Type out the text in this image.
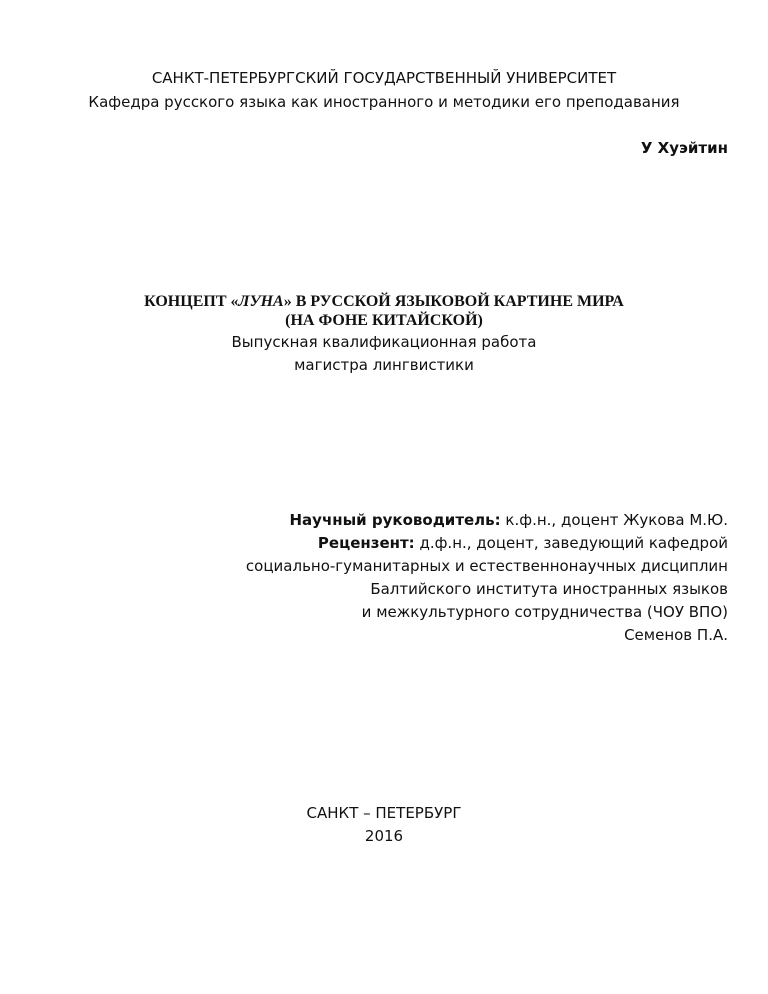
САНКТ-ПЕТЕРБУРГСКИЙ ГОСУДАРСТВЕННЫЙ УНИВЕРСИТЕТ
Кафедра русского языка как иностранного и методики его преподавания
У Хуэйтин
КОНЦЕПТ «ЛУНА» В РУССКОЙ ЯЗЫКОВОЙ КАРТИНЕ МИРА
(НА ФОНЕ КИТАЙСКОЙ)
Выпускная квалификационная работа
магистра лингвистики
Научный руководитель: к.ф.н., доцент Жукова М.Ю.
Рецензент: д.ф.н., доцент, заведующий кафедрой
социально-гуманитарных и естественнонаучных дисциплин
Балтийского института иностранных языков
и межкультурного сотрудничества (ЧОУ ВПО)
Семенов П.А.
САНКТ – ПЕТЕРБУРГ
2016
